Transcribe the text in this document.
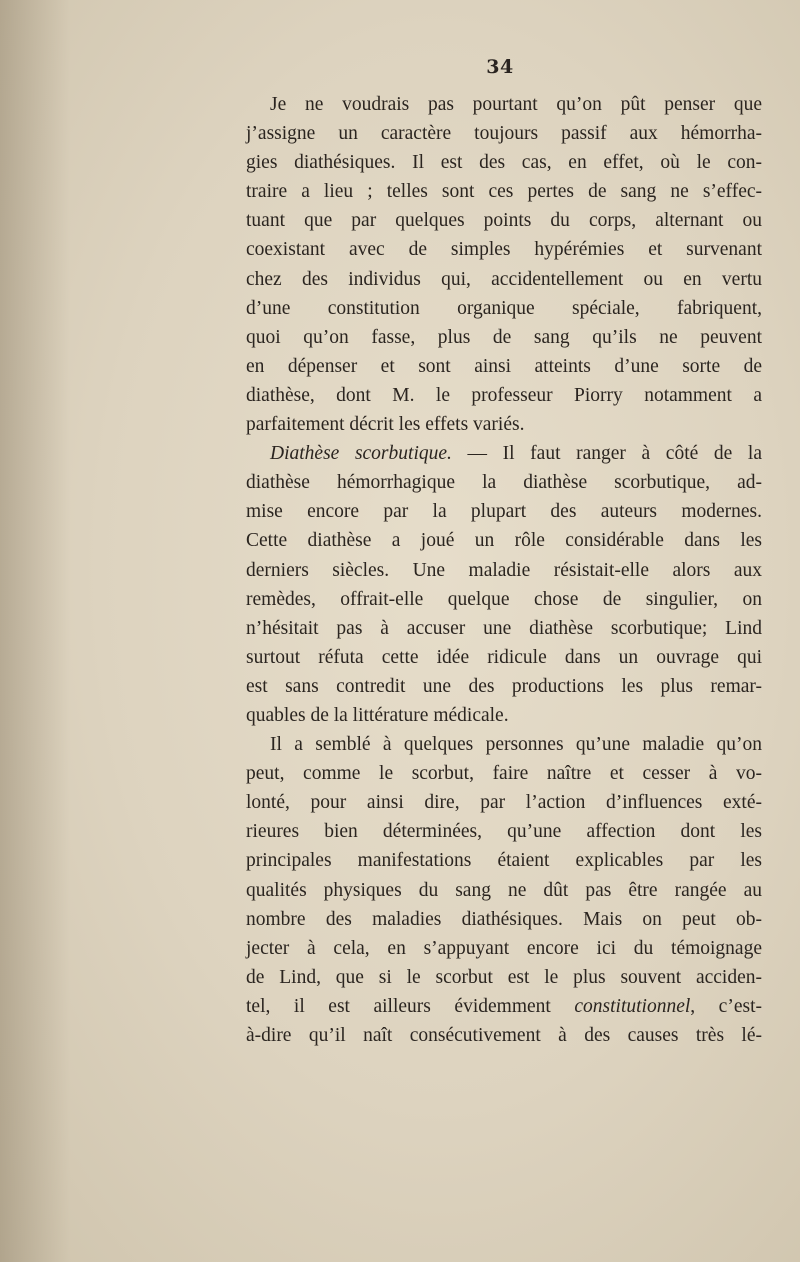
34
Je ne voudrais pas pourtant qu’on pût penser que
j’assigne un caractère toujours passif aux hémorrha-
gies diathésiques. Il est des cas, en effet, où le con-
traire a lieu ; telles sont ces pertes de sang ne s’effec-
tuant que par quelques points du corps, alternant ou
coexistant avec de simples hypérémies et survenant
chez des individus qui, accidentellement ou en vertu
d’une constitution organique spéciale, fabriquent,
quoi qu’on fasse, plus de sang qu’ils ne peuvent
en dépenser et sont ainsi atteints d’une sorte de
diathèse, dont M. le professeur Piorry notamment a
parfaitement décrit les effets variés.
Diathèse scorbutique. — Il faut ranger à côté de la
diathèse hémorrhagique la diathèse scorbutique, ad-
mise encore par la plupart des auteurs modernes.
Cette diathèse a joué un rôle considérable dans les
derniers siècles. Une maladie résistait-elle alors aux
remèdes, offrait-elle quelque chose de singulier, on
n’hésitait pas à accuser une diathèse scorbutique; Lind
surtout réfuta cette idée ridicule dans un ouvrage qui
est sans contredit une des productions les plus remar-
quables de la littérature médicale.
Il a semblé à quelques personnes qu’une maladie qu’on
peut, comme le scorbut, faire naître et cesser à vo-
lonté, pour ainsi dire, par l’action d’influences exté-
rieures bien déterminées, qu’une affection dont les
principales manifestations étaient explicables par les
qualités physiques du sang ne dût pas être rangée au
nombre des maladies diathésiques. Mais on peut ob-
jecter à cela, en s’appuyant encore ici du témoignage
de Lind, que si le scorbut est le plus souvent acciden-
tel, il est ailleurs évidemment constitutionnel, c’est-
à-dire qu’il naît consécutivement à des causes très lé-
